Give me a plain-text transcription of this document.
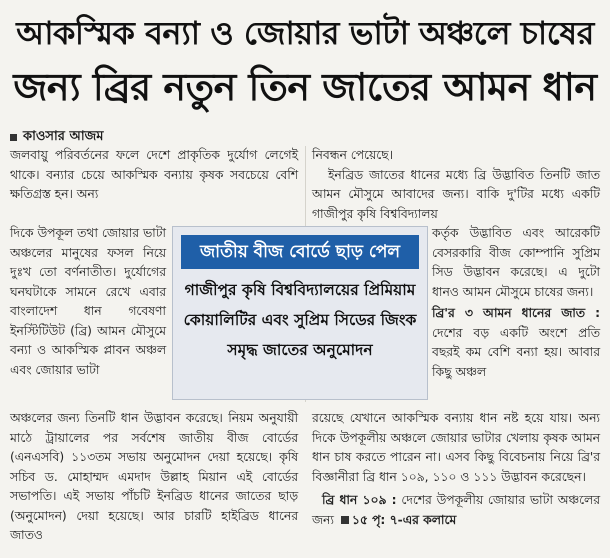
আকস্মিক বন্যা ও জোয়ার ভাটা অঞ্চলে চাষের
জন্য ব্রির নতুন তিন জাতের আমন ধান
কাওসার আজম

জলবায়ু পরিবর্তনের ফলে দেশে প্রাকৃতিক দুর্যোগ লেগেই থাকে। বন্যার চেয়ে আকস্মিক বন্যায় কৃষক সবচেয়ে বেশি ক্ষতিগ্রস্ত হন। অন্য

দিকে উপকূল তথা জোয়ার ভাটা অঞ্চলের মানুষের ফসল নিয়ে দুঃখ তো বর্ণনাতীত। দুর্যোগের ঘনঘটাকে সামনে রেখে এবার বাংলাদেশ ধান গবেষণা ইনস্টিটিউট (ব্রি) আমন মৌসুমে বন্যা ও আকস্মিক প্লাবন অঞ্চল এবং জোয়ার ভাটা

নিবন্ধন পেয়েছে।

ইনব্রিড জাতের ধানের মধ্যে ব্রি উদ্ভাবিত তিনটি জাত আমন মৌসুমে আবাদের জন্য। বাকি দু'টির মধ্যে একটি গাজীপুর কৃষি বিশ্ববিদ্যালয়

কর্তৃক উদ্ভাবিত এবং আরেকটি বেসরকারি বীজ কোম্পানি সুপ্রিম সিড উদ্ভাবন করেছে। এ দুটো ধানও আমন মৌসুমে চাষের জন্য।

ব্রি'র ৩ আমন ধানের জাত : দেশের বড় একটি অংশে প্রতি বছরই কম বেশি বন্যা হয়। আবার কিছু অঞ্চল

জাতীয় বীজ বোর্ডে ছাড় পেল
গাজীপুর কৃষি বিশ্ববিদ্যালয়ের প্রিমিয়াম কোয়ালিটির এবং সুপ্রিম সিডের জিংক সমৃদ্ধ জাতের অনুমোদন

অঞ্চলের জন্য তিনটি ধান উদ্ভাবন করেছে। নিয়ম অনুযায়ী মাঠে ট্রায়ালের পর সর্বশেষ জাতীয় বীজ বোর্ডের (এনএসবি) ১১৩তম সভায় অনুমোদন দেয়া হয়েছে। কৃষি সচিব ড. মোহাম্মদ এমদাদ উল্লাহ মিয়ান এই বোর্ডের সভাপতি। এই সভায় পাঁচটি ইনব্রিড ধানের জাতের ছাড় (অনুমোদন) দেয়া হয়েছে। আর চারটি হাইব্রিড ধানের জাতও

রয়েছে যেখানে আকস্মিক বন্যায় ধান নষ্ট হয়ে যায়। অন্য দিকে উপকূলীয় অঞ্চলে জোয়ার ভাটার খেলায় কৃষক আমন ধান চাষ করতে পারেন না। এসব কিছু বিবেচনায় নিয়ে ব্রি'র বিজ্ঞানীরা ব্রি ধান ১০৯, ১১০ ও ১১১ উদ্ভাবন করেছেন।

ব্রি ধান ১০৯ : দেশের উপকূলীয় জোয়ার ভাটা অঞ্চলের জন্য ১৫ পৃ: ৭-এর কলামে
